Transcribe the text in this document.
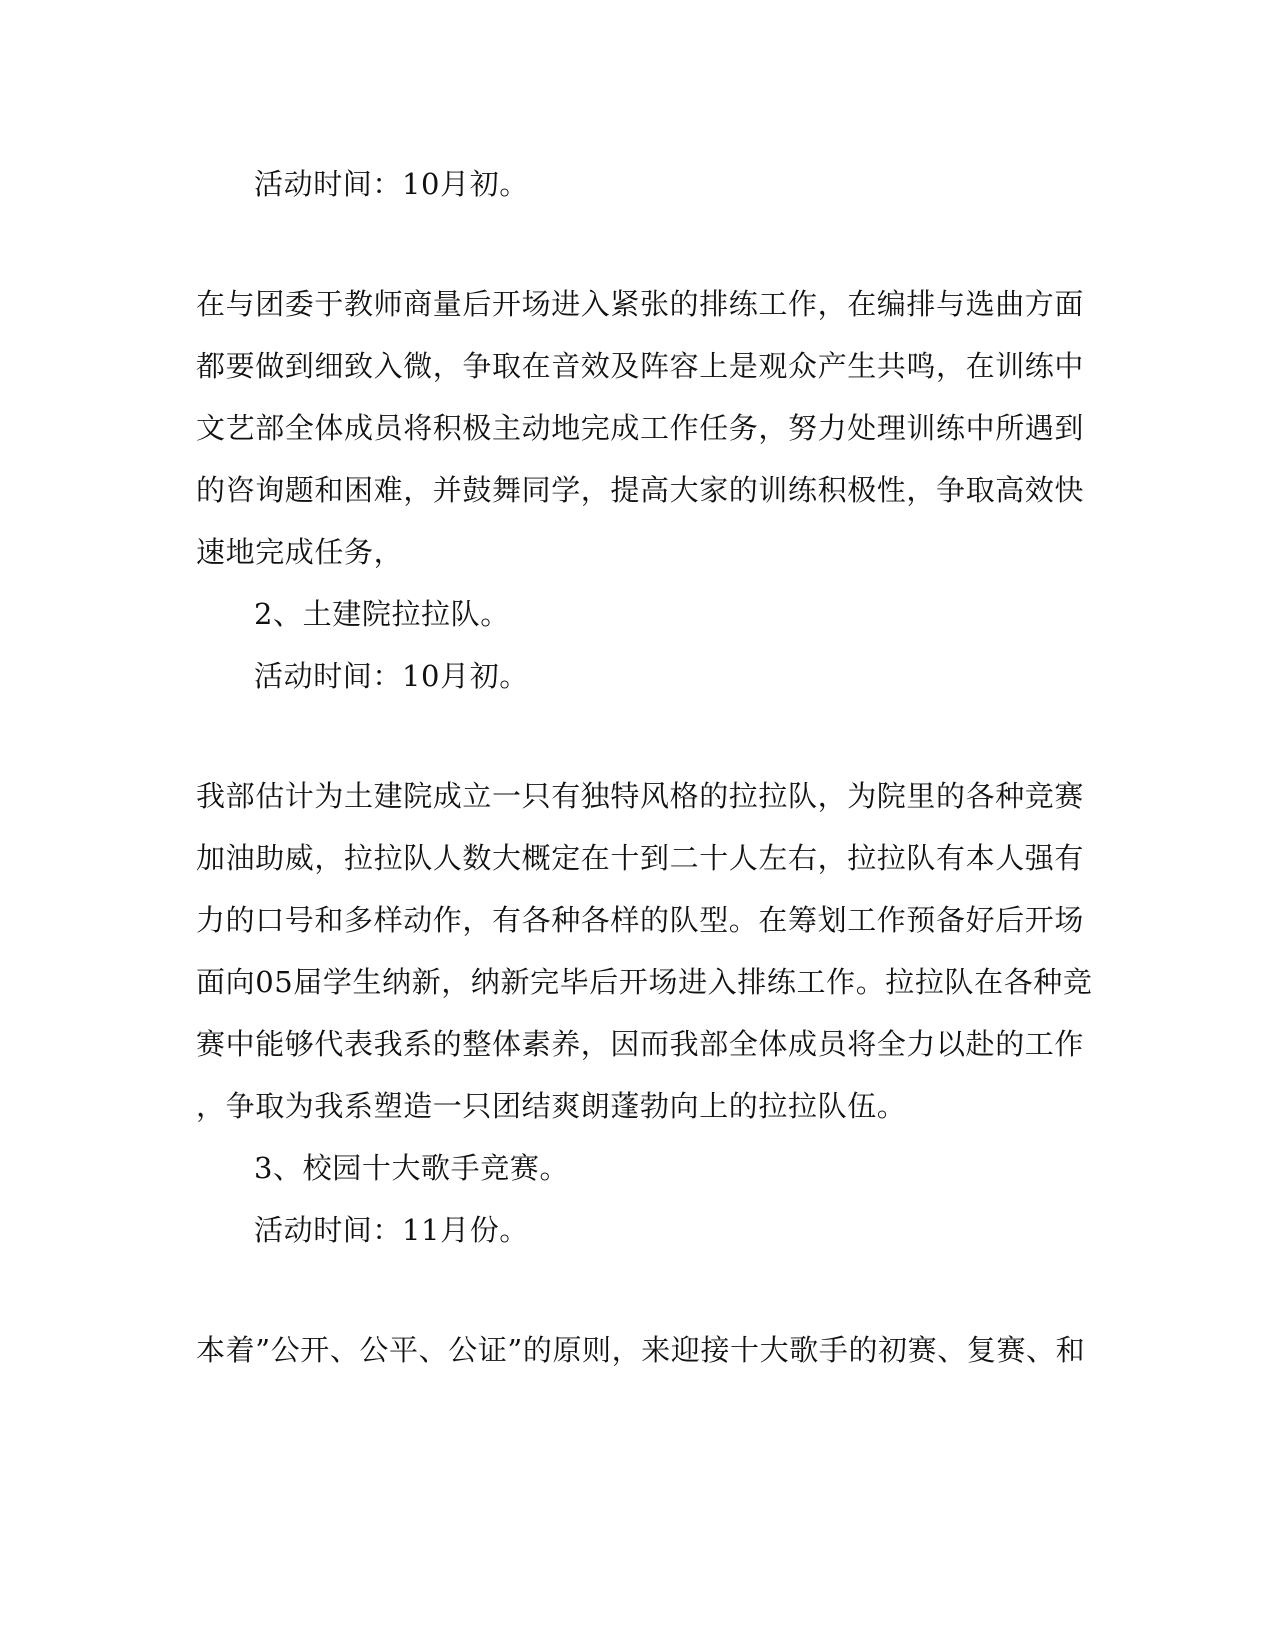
活动时间：10月初。
在与团委于教师商量后开场进入紧张的排练工作，在编排与选曲方面
都要做到细致入微，争取在音效及阵容上是观众产生共鸣，在训练中
文艺部全体成员将积极主动地完成工作任务，努力处理训练中所遇到
的咨询题和困难，并鼓舞同学，提高大家的训练积极性，争取高效快
速地完成任务，
2、土建院拉拉队。
活动时间：10月初。
我部估计为土建院成立一只有独特风格的拉拉队，为院里的各种竞赛
加油助威，拉拉队人数大概定在十到二十人左右，拉拉队有本人强有
力的口号和多样动作，有各种各样的队型。在筹划工作预备好后开场
面向05届学生纳新，纳新完毕后开场进入排练工作。拉拉队在各种竞
赛中能够代表我系的整体素养，因而我部全体成员将全力以赴的工作
，争取为我系塑造一只团结爽朗蓬勃向上的拉拉队伍。
3、校园十大歌手竞赛。
活动时间：11月份。
本着”公开、公平、公证”的原则，来迎接十大歌手的初赛、复赛、和
